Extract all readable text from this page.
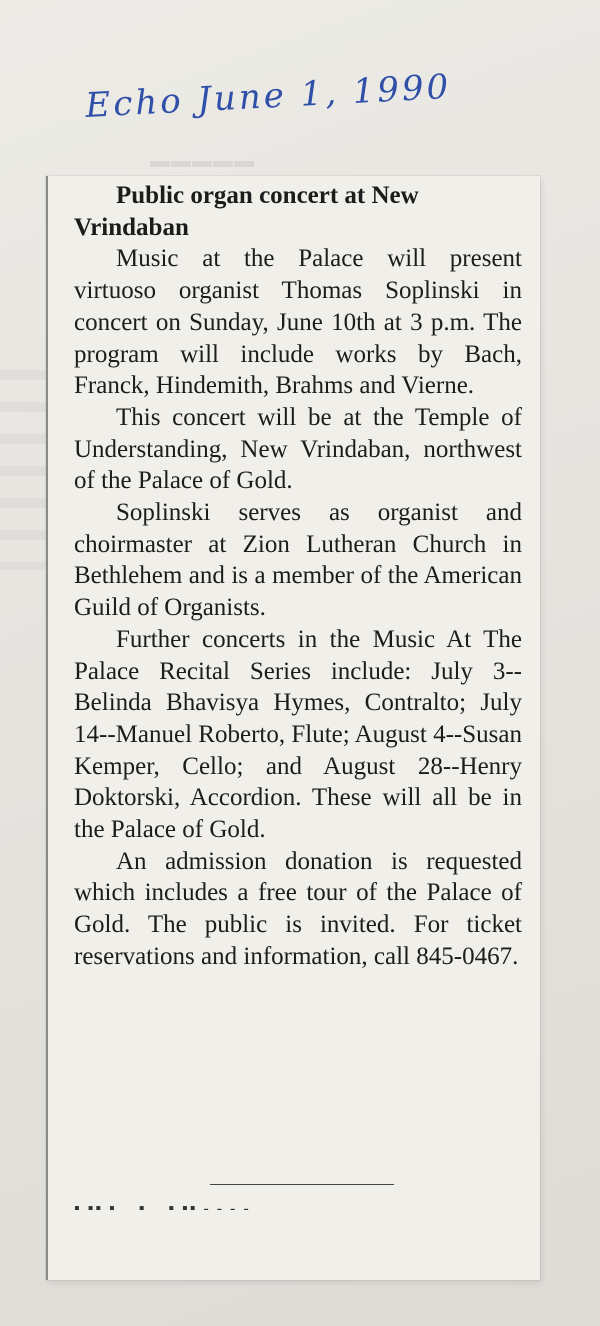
▬▬▬▬▬
Echo June 1, 1990

Public organ concert at New Vrindaban

Music at the Palace will present virtuoso organist Thomas Soplinski in concert on Sunday, June 10th at 3 p.m. The program will include works by Bach, Franck, Hindemith, Brahms and Vierne.

This concert will be at the Temple of Understanding, New Vrindaban, northwest of the Palace of Gold.

Soplinski serves as organist and choirmaster at Zion Lutheran Church in Bethlehem and is a member of the American Guild of Organists.

Further concerts in the Music At The Palace Recital Series include: July 3--Belinda Bhavisya Hymes, Contralto; July 14--Manuel Roberto, Flute; August 4--Susan Kemper, Cello; and August 28--Henry Doktorski, Accordion. These will all be in the Palace of Gold.

An admission donation is requested which includes a free tour of the Palace of Gold. The public is invited. For ticket reservations and information, call 845-0467.

▪ ▪▪ ▪ ▪ ▪ ▪▪ ‐ ‐ ‐ ‐
